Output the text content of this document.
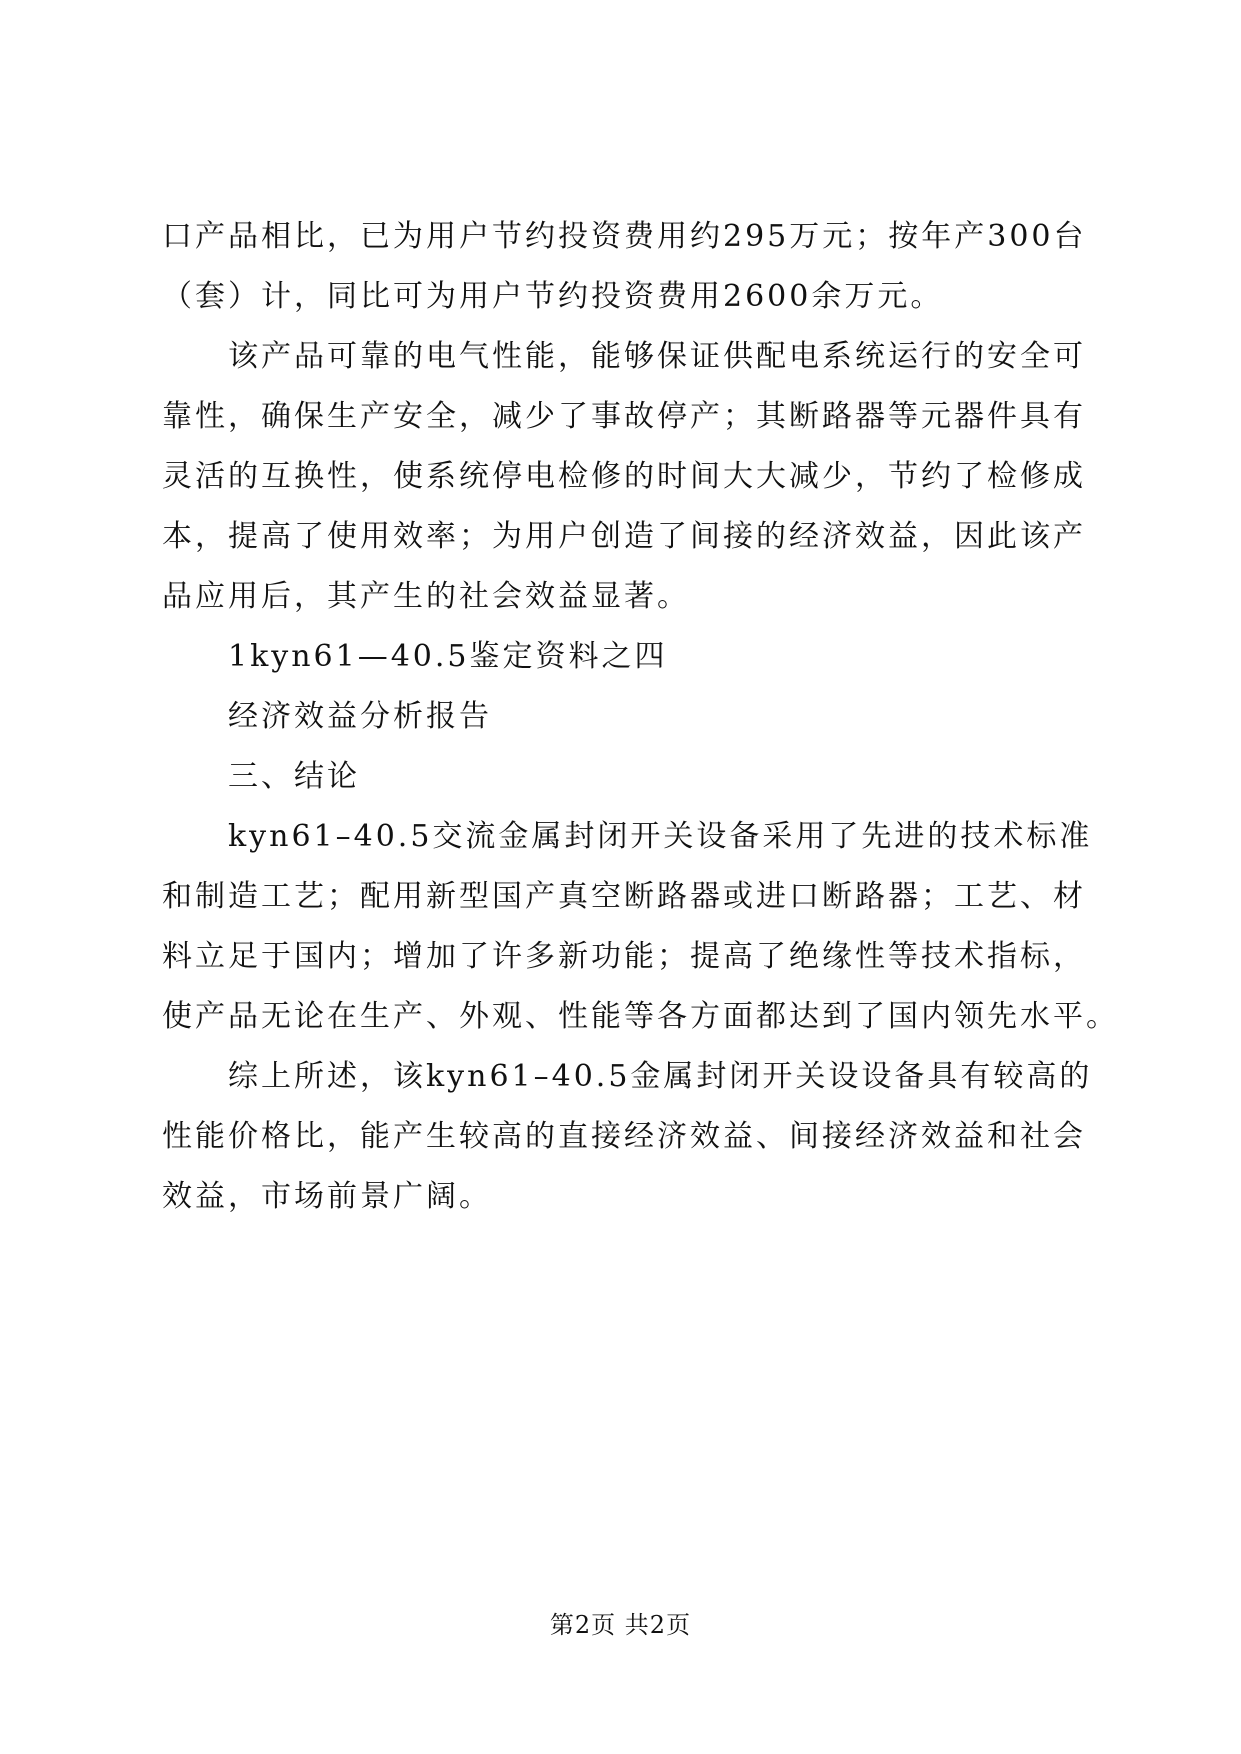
口产品相比，已为用户节约投资费用约295万元；按年产300台
（套）计，同比可为用户节约投资费用2600余万元。

该产品可靠的电气性能，能够保证供配电系统运行的安全可
靠性，确保生产安全，减少了事故停产；其断路器等元器件具有
灵活的互换性，使系统停电检修的时间大大减少，节约了检修成
本，提高了使用效率；为用户创造了间接的经济效益，因此该产
品应用后，其产生的社会效益显著。

1kyn61—40.5鉴定资料之四

经济效益分析报告

三、结论

kyn61–40.5交流金属封闭开关设备采用了先进的技术标准
和制造工艺；配用新型国产真空断路器或进口断路器；工艺、材
料立足于国内；增加了许多新功能；提高了绝缘性等技术指标，
使产品无论在生产、外观、性能等各方面都达到了国内领先水平。

综上所述，该kyn61–40.5金属封闭开关设设备具有较高的
性能价格比，能产生较高的直接经济效益、间接经济效益和社会
效益，市场前景广阔。

第2页 共2页
